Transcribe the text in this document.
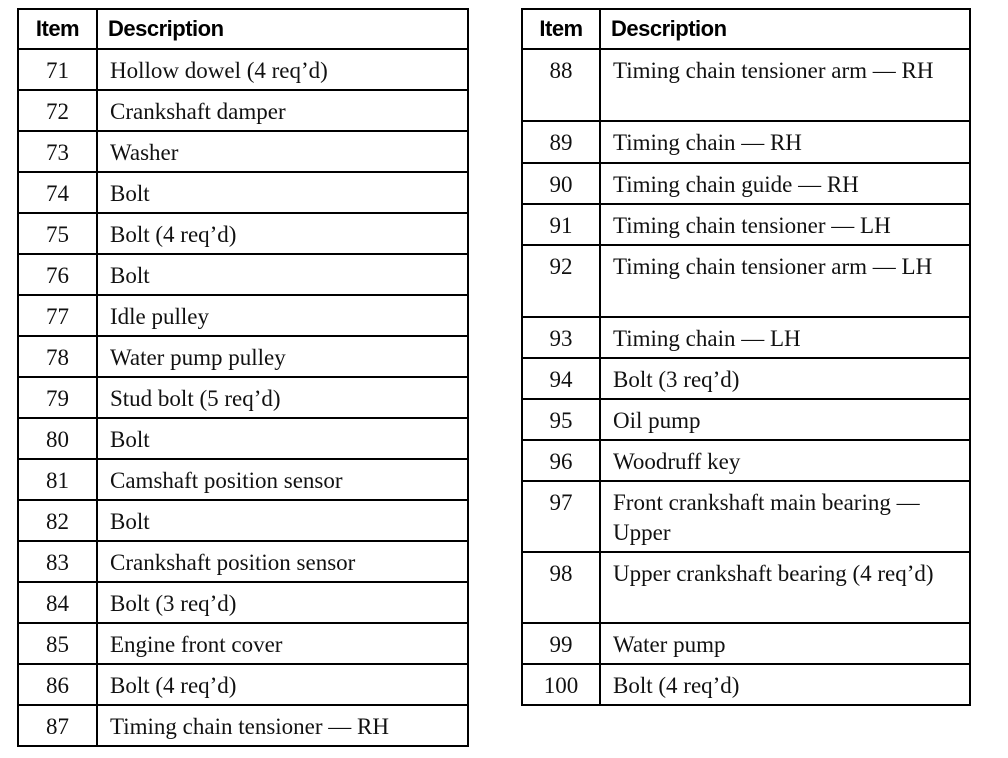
Item	Description
71	Hollow dowel (4 req’d)
72	Crankshaft damper
73	Washer
74	Bolt
75	Bolt (4 req’d)
76	Bolt
77	Idle pulley
78	Water pump pulley
79	Stud bolt (5 req’d)
80	Bolt
81	Camshaft position sensor
82	Bolt
83	Crankshaft position sensor
84	Bolt (3 req’d)
85	Engine front cover
86	Bolt (4 req’d)
87	Timing chain tensioner — RH
Item	Description
88	Timing chain tensioner arm — RH
89	Timing chain — RH
90	Timing chain guide — RH
91	Timing chain tensioner — LH
92	Timing chain tensioner arm — LH
93	Timing chain — LH
94	Bolt (3 req’d)
95	Oil pump
96	Woodruff key
97	Front crankshaft main bearing — Upper
98	Upper crankshaft bearing (4 req’d)
99	Water pump
100	Bolt (4 req’d)
